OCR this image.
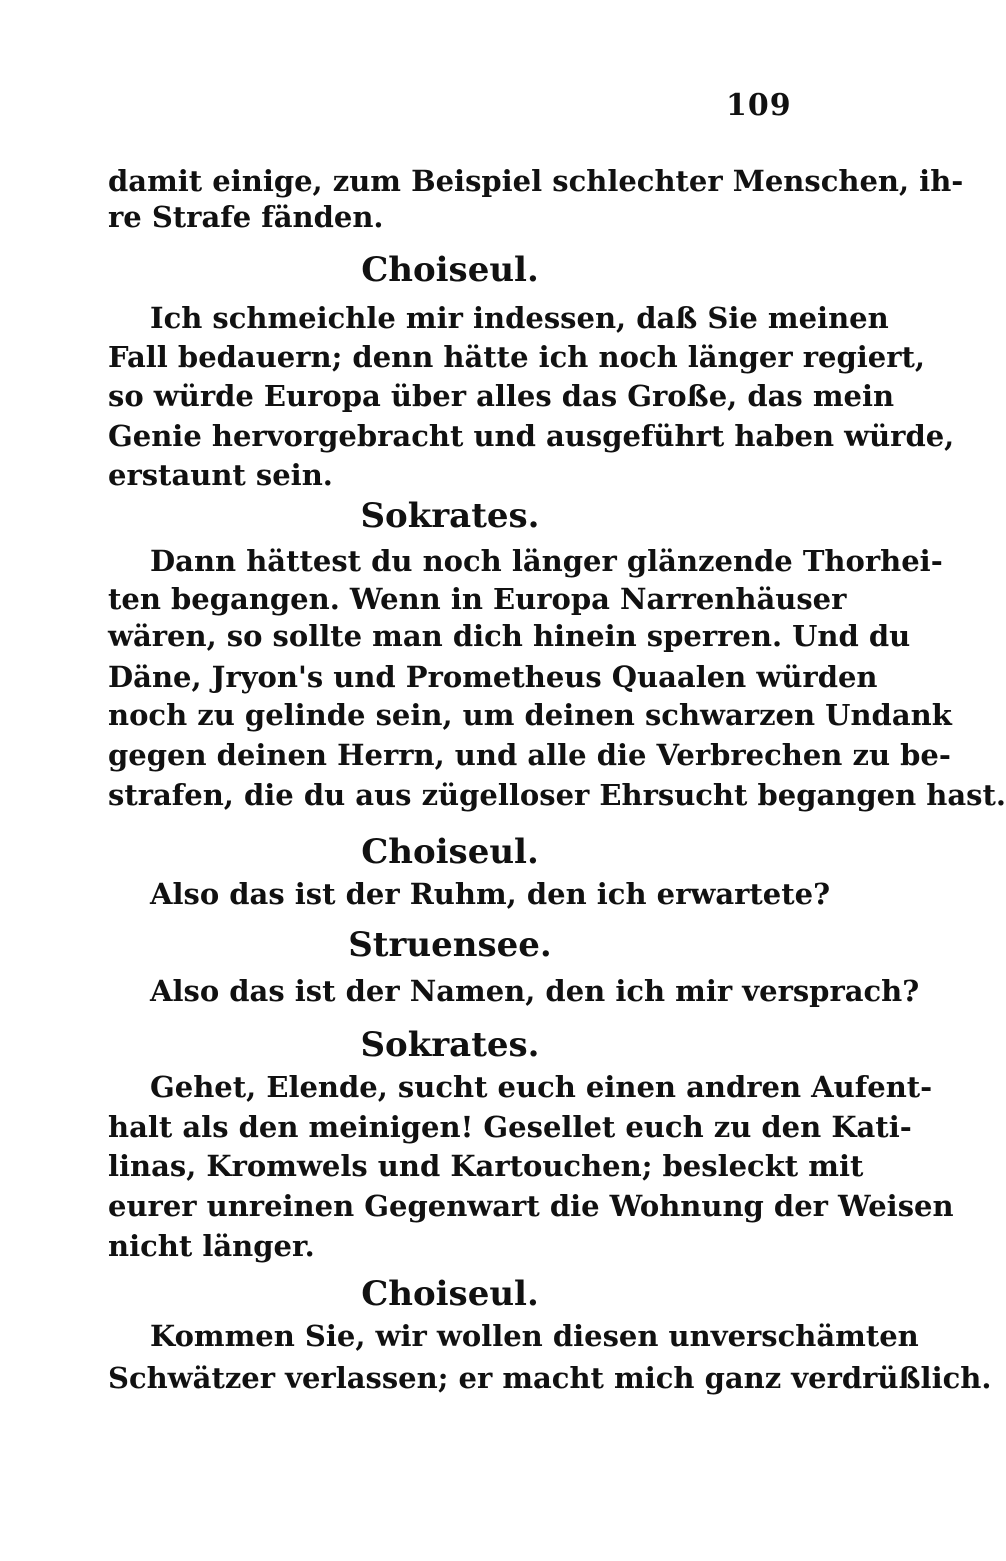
109
damit einige, zum Beispiel schlechter Menschen, ih-
re Strafe fänden.
Choiseul.
Ich schmeichle mir indessen, daß Sie meinen
Fall bedauern; denn hätte ich noch länger regiert,
so würde Europa über alles das Große, das mein
Genie hervorgebracht und ausgeführt haben würde,
erstaunt sein.
Sokrates.
Dann hättest du noch länger glänzende Thorhei-
ten begangen. Wenn in Europa Narrenhäuser
wären, so sollte man dich hinein sperren. Und du
Däne, Jryon's und Prometheus Quaalen würden
noch zu gelinde sein, um deinen schwarzen Undank
gegen deinen Herrn, und alle die Verbrechen zu be-
strafen, die du aus zügelloser Ehrsucht begangen hast.
Choiseul.
Also das ist der Ruhm, den ich erwartete?
Struensee.
Also das ist der Namen, den ich mir versprach?
Sokrates.
Gehet, Elende, sucht euch einen andren Aufent-
halt als den meinigen! Gesellet euch zu den Kati-
linas, Kromwels und Kartouchen; besleckt mit
eurer unreinen Gegenwart die Wohnung der Weisen
nicht länger.
Choiseul.
Kommen Sie, wir wollen diesen unverschämten
Schwätzer verlassen; er macht mich ganz verdrüßlich.
